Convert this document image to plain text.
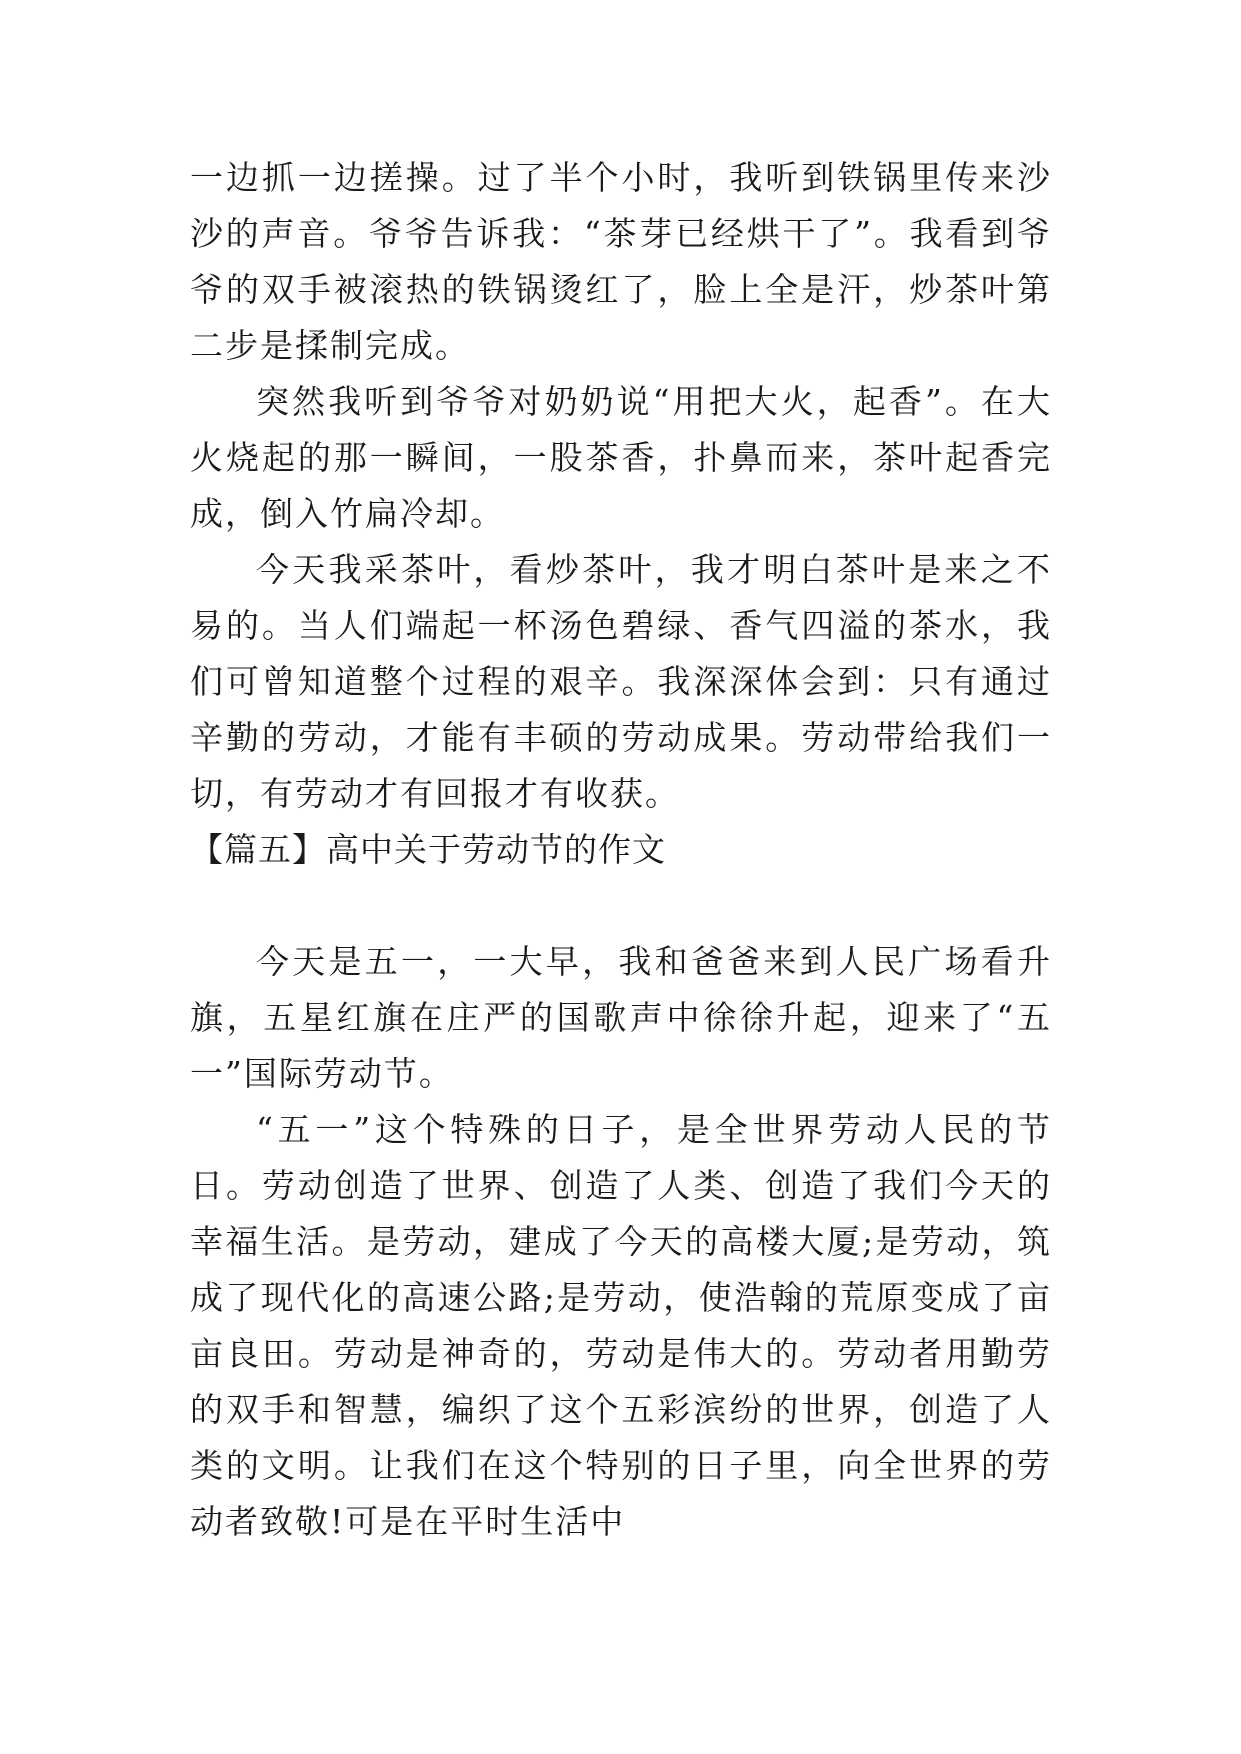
一边抓一边搓操。过了半个小时，我听到铁锅里传来沙沙的声音。爷爷告诉我：“茶芽已经烘干了”。我看到爷爷的双手被滚热的铁锅烫红了，脸上全是汗，炒茶叶第二步是揉制完成。

突然我听到爷爷对奶奶说“用把大火，起香”。在大火烧起的那一瞬间，一股茶香，扑鼻而来，茶叶起香完成，倒入竹扁冷却。

今天我采茶叶，看炒茶叶，我才明白茶叶是来之不易的。当人们端起一杯汤色碧绿、香气四溢的茶水，我们可曾知道整个过程的艰辛。我深深体会到：只有通过辛勤的劳动，才能有丰硕的劳动成果。劳动带给我们一切，有劳动才有回报才有收获。

【篇五】高中关于劳动节的作文

今天是五一，一大早，我和爸爸来到人民广场看升旗，五星红旗在庄严的国歌声中徐徐升起，迎来了“五一”国际劳动节。

“五一”这个特殊的日子，是全世界劳动人民的节日。劳动创造了世界、创造了人类、创造了我们今天的幸福生活。是劳动，建成了今天的高楼大厦;是劳动，筑成了现代化的高速公路;是劳动，使浩翰的荒原变成了亩亩良田。劳动是神奇的，劳动是伟大的。劳动者用勤劳的双手和智慧，编织了这个五彩滨纷的世界，创造了人类的文明。让我们在这个特别的日子里，向全世界的劳动者致敬!可是在平时生活中
